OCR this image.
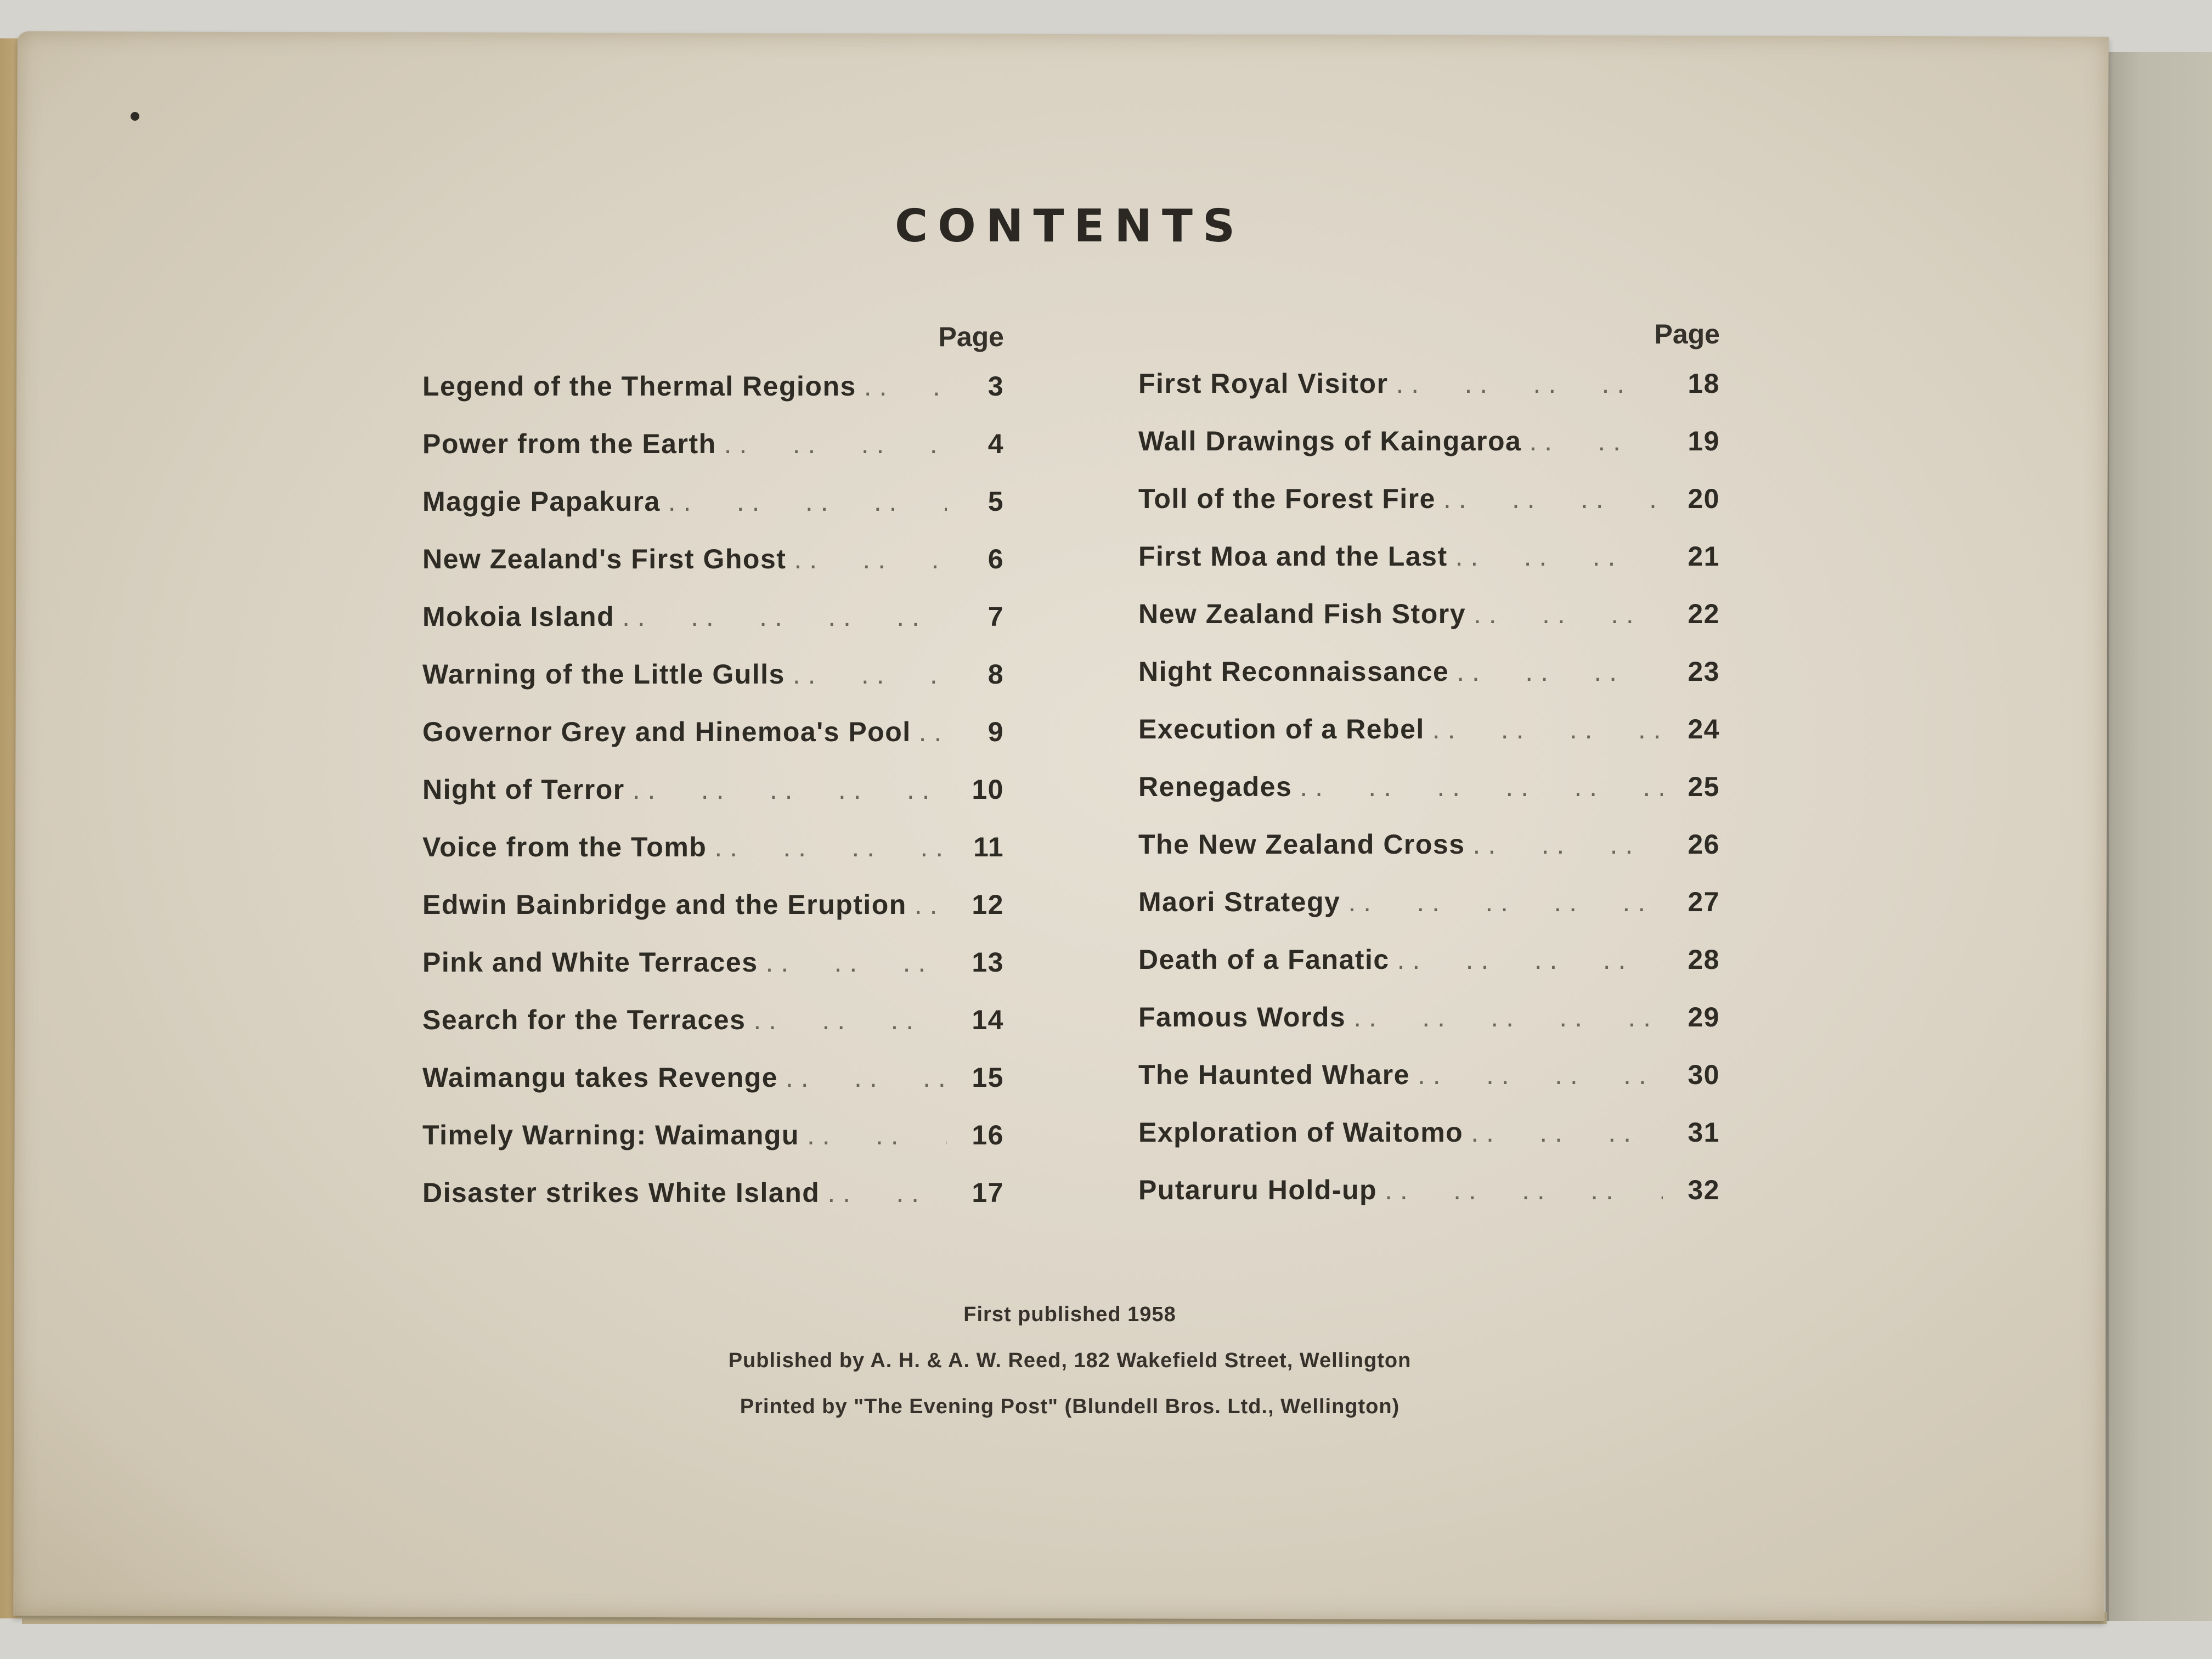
CONTENTS
Page
Legend of the Thermal Regions . .	3
Power from the Earth . .	4
Maggie Papakura . .	5
New Zealand's First Ghost . .	6
Mokoia Island . .	7
Warning of the Little Gulls . .	8
Governor Grey and Hinemoa's Pool . .	9
Night of Terror . .	10
Voice from the Tomb . .	11
Edwin Bainbridge and the Eruption . .	12
Pink and White Terraces . .	13
Search for the Terraces . .	14
Waimangu takes Revenge . .	15
Timely Warning: Waimangu . .	16
Disaster strikes White Island . .	17
Page
First Royal Visitor . .	18
Wall Drawings of Kaingaroa . .	19
Toll of the Forest Fire . .	20
First Moa and the Last . .	21
New Zealand Fish Story . .	22
Night Reconnaissance . .	23
Execution of a Rebel . .	24
Renegades . .	25
The New Zealand Cross . .	26
Maori Strategy . .	27
Death of a Fanatic . .	28
Famous Words . .	29
The Haunted Whare . .	30
Exploration of Waitomo . .	31
Putaruru Hold-up . .	32
First published 1958
Published by A. H. & A. W. Reed, 182 Wakefield Street, Wellington
Printed by "The Evening Post" (Blundell Bros. Ltd., Wellington)
